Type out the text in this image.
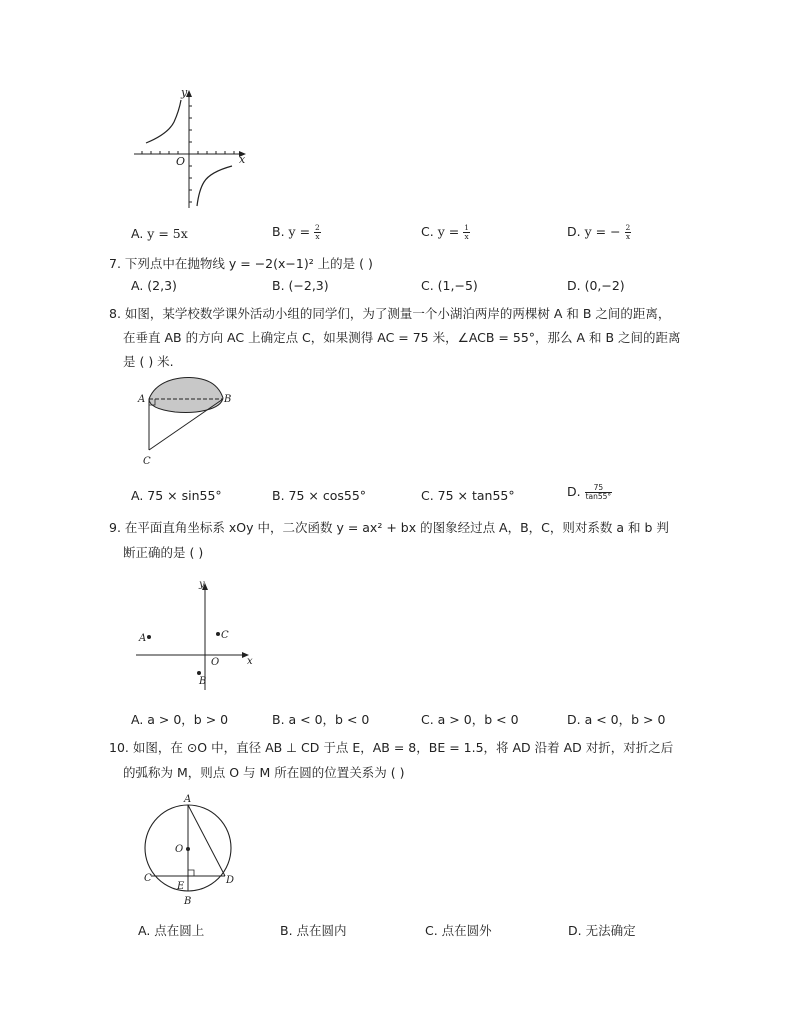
y
x
O
A. y = 5x	B. $y = \frac{2}{x}$	C. $y = \frac{1}{x}$	D. y = − $\frac{2}{x}$
7. 下列点中在抛物线 y = −2(x−1)² 上的是 ( )
A. (2,3)	B. (−2,3)	C. (1,−5)	D. (0,−2)
8. 如图，某学校数学课外活动小组的同学们，为了测量一个小湖泊两岸的两棵树 A 和 B 之间的距离，
在垂直 AB 的方向 AC 上确定点 C，如果测得 AC = 75 米，∠ACB = 55°，那么 A 和 B 之间的距离
是 ( ) 米.
A	B
C
A. 75 × sin55°	B. 75 × cos55°	C. 75 × tan55°	D. $\frac{75}{\tan 55^\circ}$
9. 在平面直角坐标系 xOy 中，二次函数 y = ax² + bx 的图象经过点 A，B，C，则对系数 a 和 b 判
断正确的是 ( )
y
x
O
A
B
C
A. a > 0，b > 0	B. a < 0，b < 0	C. a > 0，b < 0	D. a < 0，b > 0
10. 如图，在 ⊙O 中，直径 AB ⊥ CD 于点 E，AB = 8，BE = 1.5，将 AD 沿着 AD 对折，对折之后
的弧称为 M，则点 O 与 M 所在圆的位置关系为 ( )
A
B
C	D
E
O
A. 点在圆上	B. 点在圆内	C. 点在圆外	D. 无法确定
